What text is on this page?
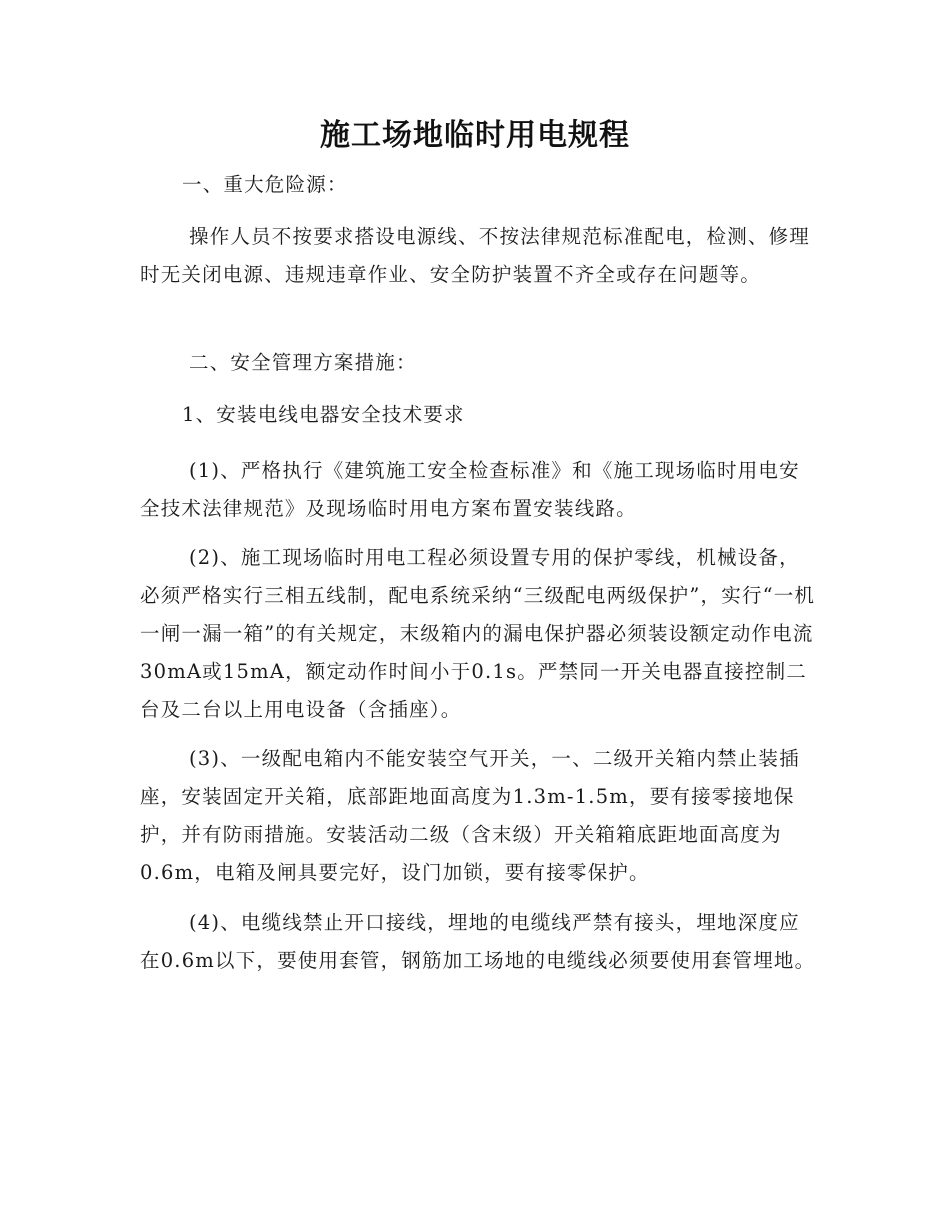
施工场地临时用电规程

一、重大危险源：

操作人员不按要求搭设电源线、不按法律规范标准配电，检测、修理时无关闭电源、违规违章作业、安全防护装置不齐全或存在问题等。

二、安全管理方案措施：

1、安装电线电器安全技术要求

(1)、严格执行《建筑施工安全检查标准》和《施工现场临时用电安全技术法律规范》及现场临时用电方案布置安装线路。

(2)、施工现场临时用电工程必须设置专用的保护零线，机械设备，必须严格实行三相五线制，配电系统采纳“三级配电两级保护”，实行“一机一闸一漏一箱”的有关规定，末级箱内的漏电保护器必须装设额定动作电流30mA或15mA，额定动作时间小于0.1s。严禁同一开关电器直接控制二台及二台以上用电设备（含插座）。

(3)、一级配电箱内不能安装空气开关，一、二级开关箱内禁止装插座，安装固定开关箱，底部距地面高度为1.3m-1.5m，要有接零接地保护，并有防雨措施。安装活动二级（含末级）开关箱箱底距地面高度为0.6m，电箱及闸具要完好，设门加锁，要有接零保护。

(4)、电缆线禁止开口接线，埋地的电缆线严禁有接头，埋地深度应在0.6m以下，要使用套管，钢筋加工场地的电缆线必须要使用套管埋地。
